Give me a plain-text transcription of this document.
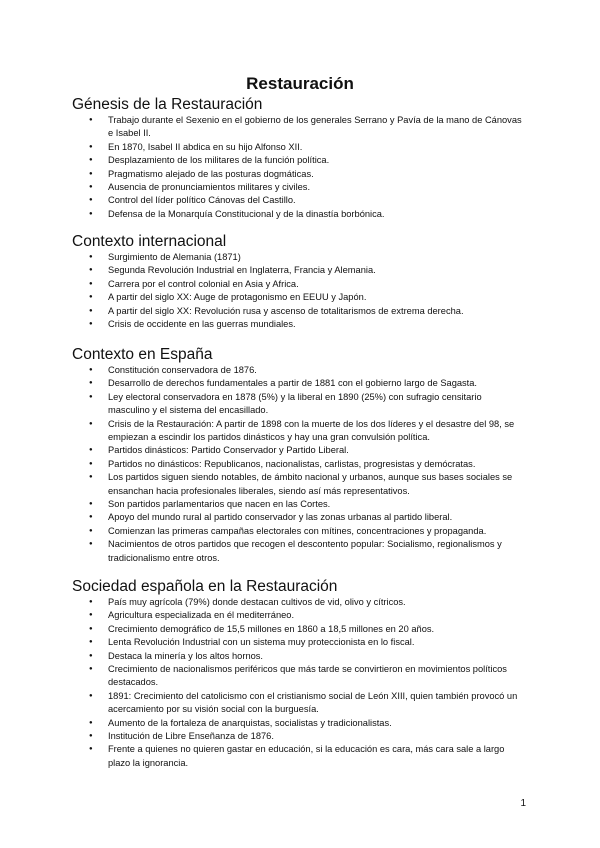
Restauración
Génesis de la Restauración
● Trabajo durante el Sexenio en el gobierno de los generales Serrano y Pavía de la mano de Cánovas e Isabel II.
● En 1870, Isabel II abdica en su hijo Alfonso XII.
● Desplazamiento de los militares de la función política.
● Pragmatismo alejado de las posturas dogmáticas.
● Ausencia de pronunciamientos militares y civiles.
● Control del líder político Cánovas del Castillo.
● Defensa de la Monarquía Constitucional y de la dinastía borbónica.
Contexto internacional
● Surgimiento de Alemania (1871)
● Segunda Revolución Industrial en Inglaterra, Francia y Alemania.
● Carrera por el control colonial en Asia y Africa.
● A partir del siglo XX: Auge de protagonismo en EEUU y Japón.
● A partir del siglo XX: Revolución rusa y ascenso de totalitarismos de extrema derecha.
● Crisis de occidente en las guerras mundiales.
Contexto en España
● Constitución conservadora de 1876.
● Desarrollo de derechos fundamentales a partir de 1881 con el gobierno largo de Sagasta.
● Ley electoral conservadora en 1878 (5%) y la liberal en 1890 (25%) con sufragio censitario masculino y el sistema del encasillado.
● Crisis de la Restauración: A partir de 1898 con la muerte de los dos líderes y el desastre del 98, se empiezan a escindir los partidos dinásticos y hay una gran convulsión política.
● Partidos dinásticos: Partido Conservador y Partido Liberal.
● Partidos no dinásticos: Republicanos, nacionalistas, carlistas, progresistas y demócratas.
● Los partidos siguen siendo notables, de ámbito nacional y urbanos, aunque sus bases sociales se ensanchan hacia profesionales liberales, siendo así más representativos.
● Son partidos parlamentarios que nacen en las Cortes.
● Apoyo del mundo rural al partido conservador y las zonas urbanas al partido liberal.
● Comienzan las primeras campañas electorales con mítines, concentraciones y propaganda.
● Nacimientos de otros partidos que recogen el descontento popular: Socialismo, regionalismos y tradicionalismo entre otros.
Sociedad española en la Restauración
● País muy agrícola (79%) donde destacan cultivos de vid, olivo y cítricos.
● Agricultura especializada en él mediterráneo.
● Crecimiento demográfico de 15,5 millones en 1860 a 18,5 millones en 20 años.
● Lenta Revolución Industrial con un sistema muy proteccionista en lo fiscal.
● Destaca la minería y los altos hornos.
● Crecimiento de nacionalismos periféricos que más tarde se convirtieron en movimientos políticos destacados.
● 1891: Crecimiento del catolicismo con el cristianismo social de León XIII, quien también provocó un acercamiento por su visión social con la burguesía.
● Aumento de la fortaleza de anarquistas, socialistas y tradicionalistas.
● Institución de Libre Enseñanza de 1876.
● Frente a quienes no quieren gastar en educación, si la educación es cara, más cara sale a largo plazo la ignorancia.
1
